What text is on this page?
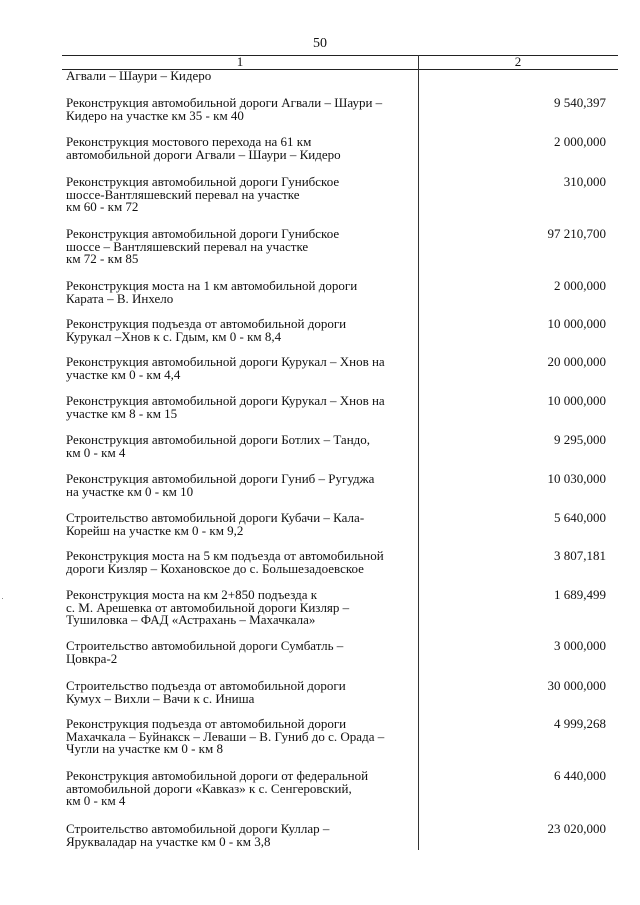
50
1	2
Агвали – Шаури – Кидеро
Реконструкция автомобильной дороги Агвали – Шаури –
Кидеро на участке км 35 - км 40
9 540,397
Реконструкция мостового перехода на 61 км
автомобильной дороги Агвали – Шаури – Кидеро
2 000,000
Реконструкция автомобильной дороги Гунибское
шоссе-Вантляшевский перевал на участке
км 60 - км 72
310,000
Реконструкция автомобильной дороги Гунибское
шоссе – Вантляшевский перевал на участке
км 72 - км 85
97 210,700
Реконструкция моста на 1 км автомобильной дороги
Карата – В. Инхело
2 000,000
Реконструкция подъезда от автомобильной дороги
Курукал –Хнов к с. Гдым, км 0 - км 8,4
10 000,000
Реконструкция автомобильной дороги Курукал – Хнов на
участке км 0 - км 4,4
20 000,000
Реконструкция автомобильной дороги Курукал – Хнов на
участке км 8 - км 15
10 000,000
Реконструкция автомобильной дороги Ботлих – Тандо,
км 0 - км 4
9 295,000
Реконструкция автомобильной дороги Гуниб – Ругуджа
на участке км 0 - км 10
10 030,000
Строительство автомобильной дороги Кубачи – Кала-
Корейш на участке км 0 - км 9,2
5 640,000
Реконструкция моста на 5 км подъезда от автомобильной
дороги Кизляр – Кохановское до с. Большезадоевское
3 807,181
Реконструкция моста на км 2+850 подъезда к
с. М. Арешевка от автомобильной дороги Кизляр –
Тушиловка – ФАД «Астрахань – Махачкала»
1 689,499
Строительство автомобильной дороги Сумбатль –
Цовкра-2
3 000,000
Строительство подъезда от автомобильной дороги
Кумух – Вихли – Вачи к с. Инишa
30 000,000
Реконструкция подъезда от автомобильной дороги
Махачкала – Буйнакск – Леваши – В. Гуниб до с. Орада –
Чугли на участке км 0 - км 8
4 999,268
Реконструкция автомобильной дороги от федеральной
автомобильной дороги «Кавказ» к с. Сенгеровский,
км 0 - км 4
6 440,000
Строительство автомобильной дороги Куллар –
Ярукваладар на участке км 0 - км 3,8
23 020,000
